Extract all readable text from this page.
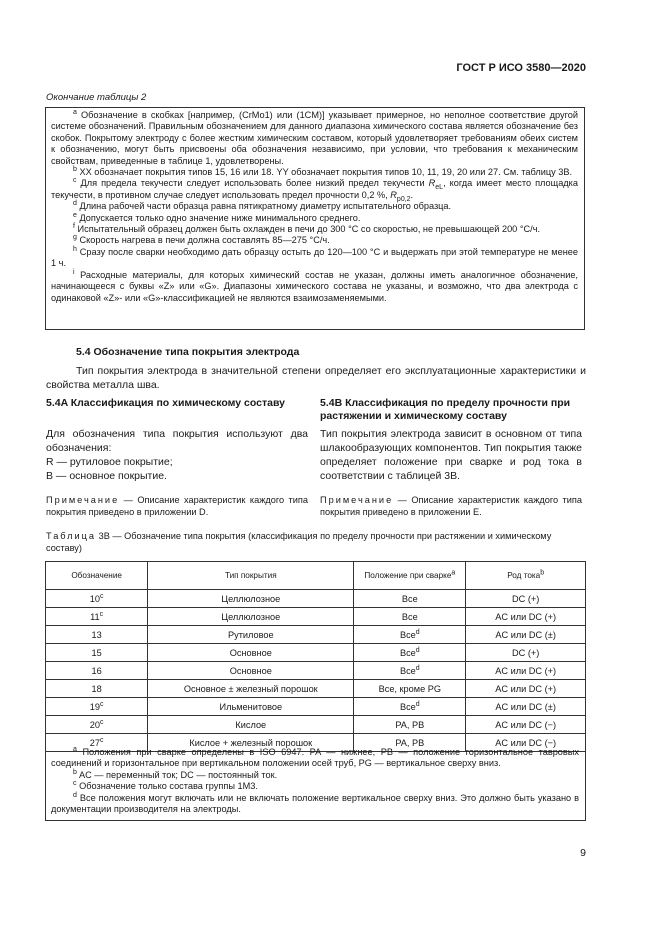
ГОСТ Р ИСО 3580—2020
Окончание таблицы 2

$^a$ Обозначение в скобках [например, (CrMo1) или (1CM)] указывает примерное, но неполное соответствие другой системе обозначений. Правильным обозначением для данного диапазона химического состава является обозначение без скобок. Покрытому электроду с более жестким химическим составом, который удовлетворяет требованиям обеих систем к обозначению, могут быть присвоены оба обозначения независимо, при условии, что требования к механическим свойствам, приведенные в таблице 1, удовлетворены.

$^b$ XX обозначает покрытия типов 15, 16 или 18. YY обозначает покрытия типов 10, 11, 19, 20 или 27. См. таблицу 3B.

$^c$ Для предела текучести следует использовать более низкий предел текучести $R_{eL}$, когда имеет место площадка текучести, в противном случае следует использовать предел прочности 0,2 %, $R_{p0,2}$.

$^d$ Длина рабочей части образца равна пятикратному диаметру испытательного образца.

$^e$ Допускается только одно значение ниже минимального среднего.

$^f$ Испытательный образец должен быть охлажден в печи до 300 °С со скоростью, не превышающей 200 °С/ч.

$^g$ Скорость нагрева в печи должна составлять 85—275 °С/ч.

$^h$ Сразу после сварки необходимо дать образцу остыть до 120—100 °С и выдержать при этой температуре не менее 1 ч.

$^i$ Расходные материалы, для которых химический состав не указан, должны иметь аналогичное обозначение, начинающееся с буквы «Z» или «G». Диапазоны химического состава не указаны, и возможно, что два электрода с одинаковой «Z»- или «G»-классификацией не являются взаимозаменяемыми.

5.4 Обозначение типа покрытия электрода
Тип покрытия электрода в значительной степени определяет его эксплуатационные характеристики и свойства металла шва.
5.4A Классификация по химическому составу

Для обозначения типа покрытия используют два обозначения:

R — рутиловое покрытие;

В — основное покрытие.

Примечание — Описание характеристик каждого типа покрытия приведено в приложении D.

5.4B Классификация по пределу прочности при растяжении и химическому составу

Тип покрытия электрода зависит в основном от типа шлакообразующих компонентов. Тип покрытия также определяет положение при сварке и род тока в соответствии с таблицей 3B.

Примечание — Описание характеристик каждого типа покрытия приведено в приложении E.

Таблица 3B — Обозначение типа покрытия (классификация по пределу прочности при растяжении и химическому составу)
Обозначение	Тип покрытия	Положение при сварке$^a$	Род тока$^b$
10$^c$	Целлюлозное	Все	DC (+)
11$^c$	Целлюлозное	Все	AC или DC (+)
13	Рутиловое	Все$^d$	AC или DC (±)
15	Основное	Все$^d$	DC (+)
16	Основное	Все$^d$	AC или DC (+)
18	Основное ± железный порошок	Все, кроме PG	AC или DC (+)
19$^c$	Ильменитовое	Все$^d$	AC или DC (±)
20$^c$	Кислое	PA, PB	AC или DC (−)
27$^c$	Кислое + железный порошок	PA, PB	AC или DC (−)

$^a$ Положения при сварке определены в ISO 6947. PA — нижнее, PB — положение горизонтальное тавровых соединений и горизонтальное при вертикальном положении осей труб, PG — вертикальное сверху вниз.

$^b$ AC — переменный ток; DC — постоянный ток.

$^c$ Обозначение только состава группы 1М3.

$^d$ Все положения могут включать или не включать положение вертикальное сверху вниз. Это должно быть указано в документации производителя на электроды.

9
